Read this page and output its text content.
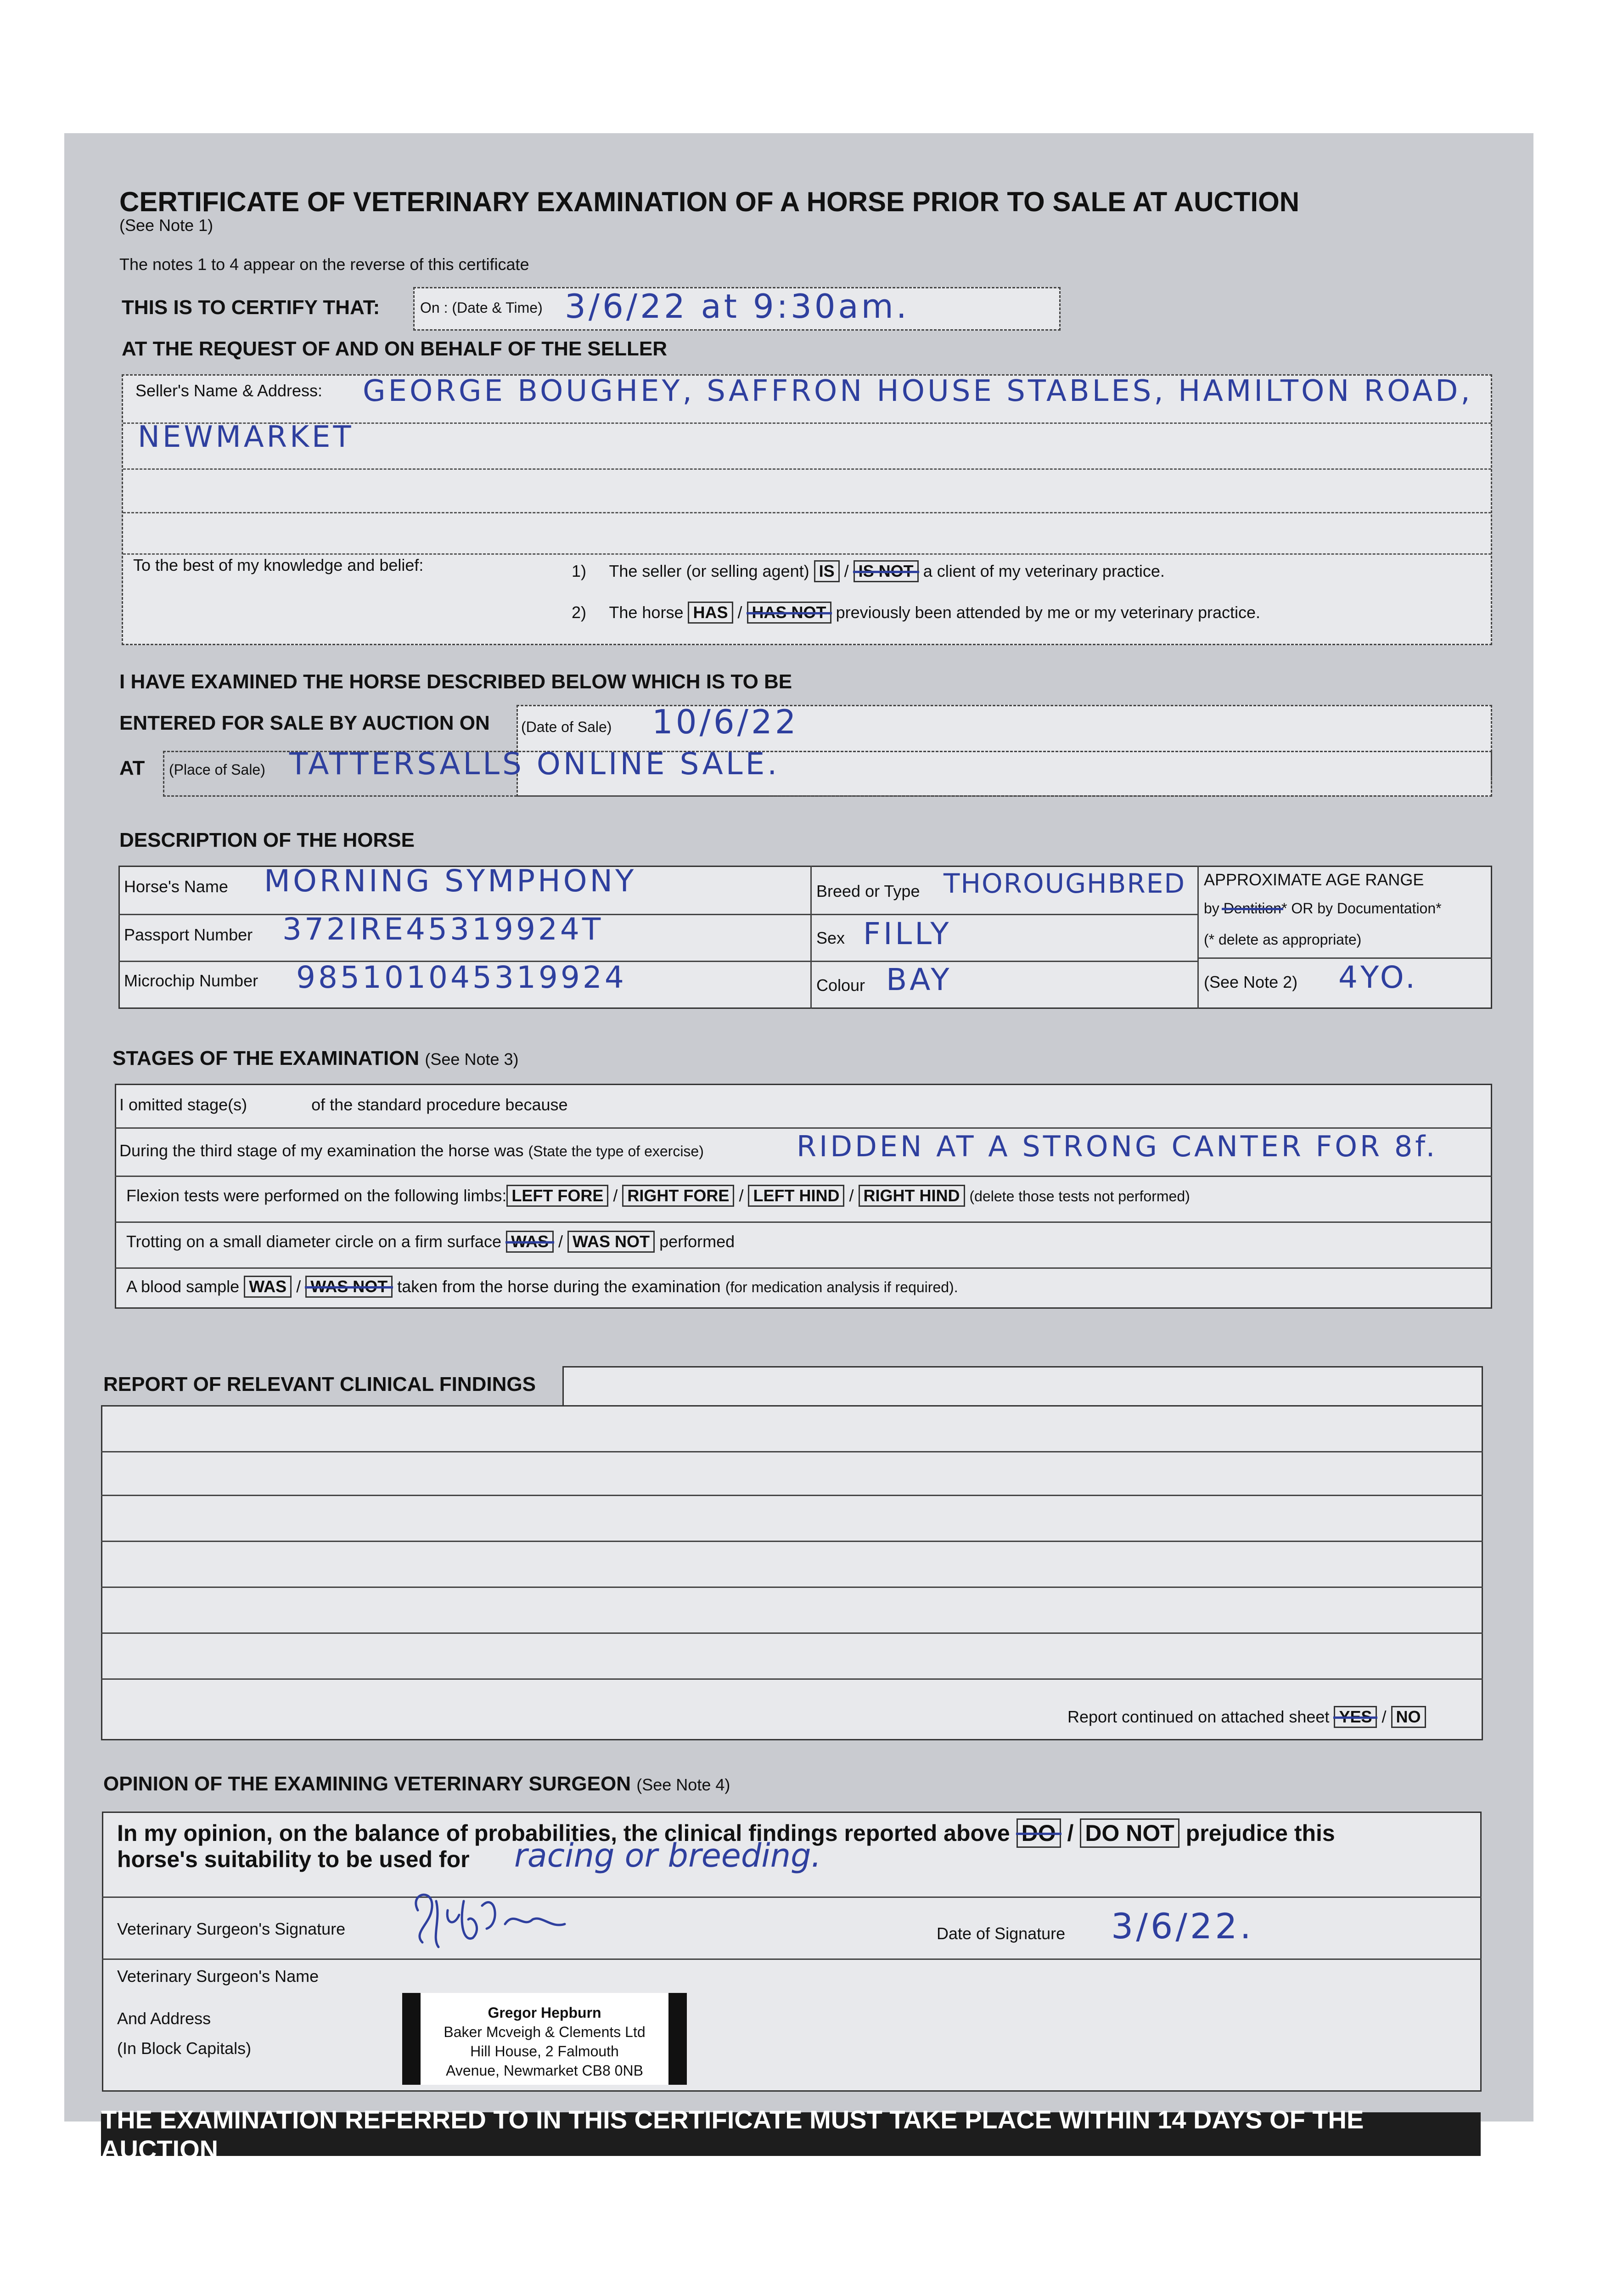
CERTIFICATE OF VETERINARY EXAMINATION OF A HORSE PRIOR TO SALE AT AUCTION
(See Note 1)
The notes 1 to 4 appear on the reverse of this certificate
THIS IS TO CERTIFY THAT:	On : (Date & Time) 3/6/22 at 9:30am.
AT THE REQUEST OF AND ON BEHALF OF THE SELLER
Seller's Name & Address: GEORGE BOUGHEY, SAFFRON HOUSE STABLES, HAMILTON ROAD,
NEWMARKET
To the best of my knowledge and belief:	1) The seller (or selling agent) IS / IS NOT a client of my veterinary practice.
2) The horse HAS / HAS NOT previously been attended by me or my veterinary practice.
I HAVE EXAMINED THE HORSE DESCRIBED BELOW WHICH IS TO BE
ENTERED FOR SALE BY AUCTION ON (Date of Sale) 10/6/22
AT (Place of Sale) TATTERSALLS ONLINE SALE.
DESCRIPTION OF THE HORSE
Horse's Name MORNING SYMPHONY
Passport Number 372IRE45319924T
Microchip Number 985101045319924
Breed or Type THOROUGHBRED
Sex FILLY
Colour BAY
APPROXIMATE AGE RANGE
by Dentition* OR by Documentation*
(* delete as appropriate)
(See Note 2) 4YO.
STAGES OF THE EXAMINATION (See Note 3)
I omitted stage(s)	of the standard procedure because
During the third stage of my examination the horse was (State the type of exercise)	RIDDEN AT A STRONG CANTER FOR 8f.
Flexion tests were performed on the following limbs: LEFT FORE / RIGHT FORE / LEFT HIND / RIGHT HIND (delete those tests not performed)
Trotting on a small diameter circle on a firm surface WAS / WAS NOT performed
A blood sample WAS / WAS NOT taken from the horse during the examination (for medication analysis if required).
REPORT OF RELEVANT CLINICAL FINDINGS
Report continued on attached sheet YES / NO
OPINION OF THE EXAMINING VETERINARY SURGEON (See Note 4)
In my opinion, on the balance of probabilities, the clinical findings reported above DO / DO NOT prejudice this
horse's suitability to be used for racing or breeding.
Veterinary Surgeon's Signature	Date of Signature 3/6/22.
Veterinary Surgeon's Name
And Address
(In Block Capitals)
Gregor Hepburn
Baker Mcveigh & Clements Ltd
Hill House, 2 Falmouth
Avenue, Newmarket CB8 0NB
THE EXAMINATION REFERRED TO IN THIS CERTIFICATE MUST TAKE PLACE WITHIN 14 DAYS OF THE AUCTION
